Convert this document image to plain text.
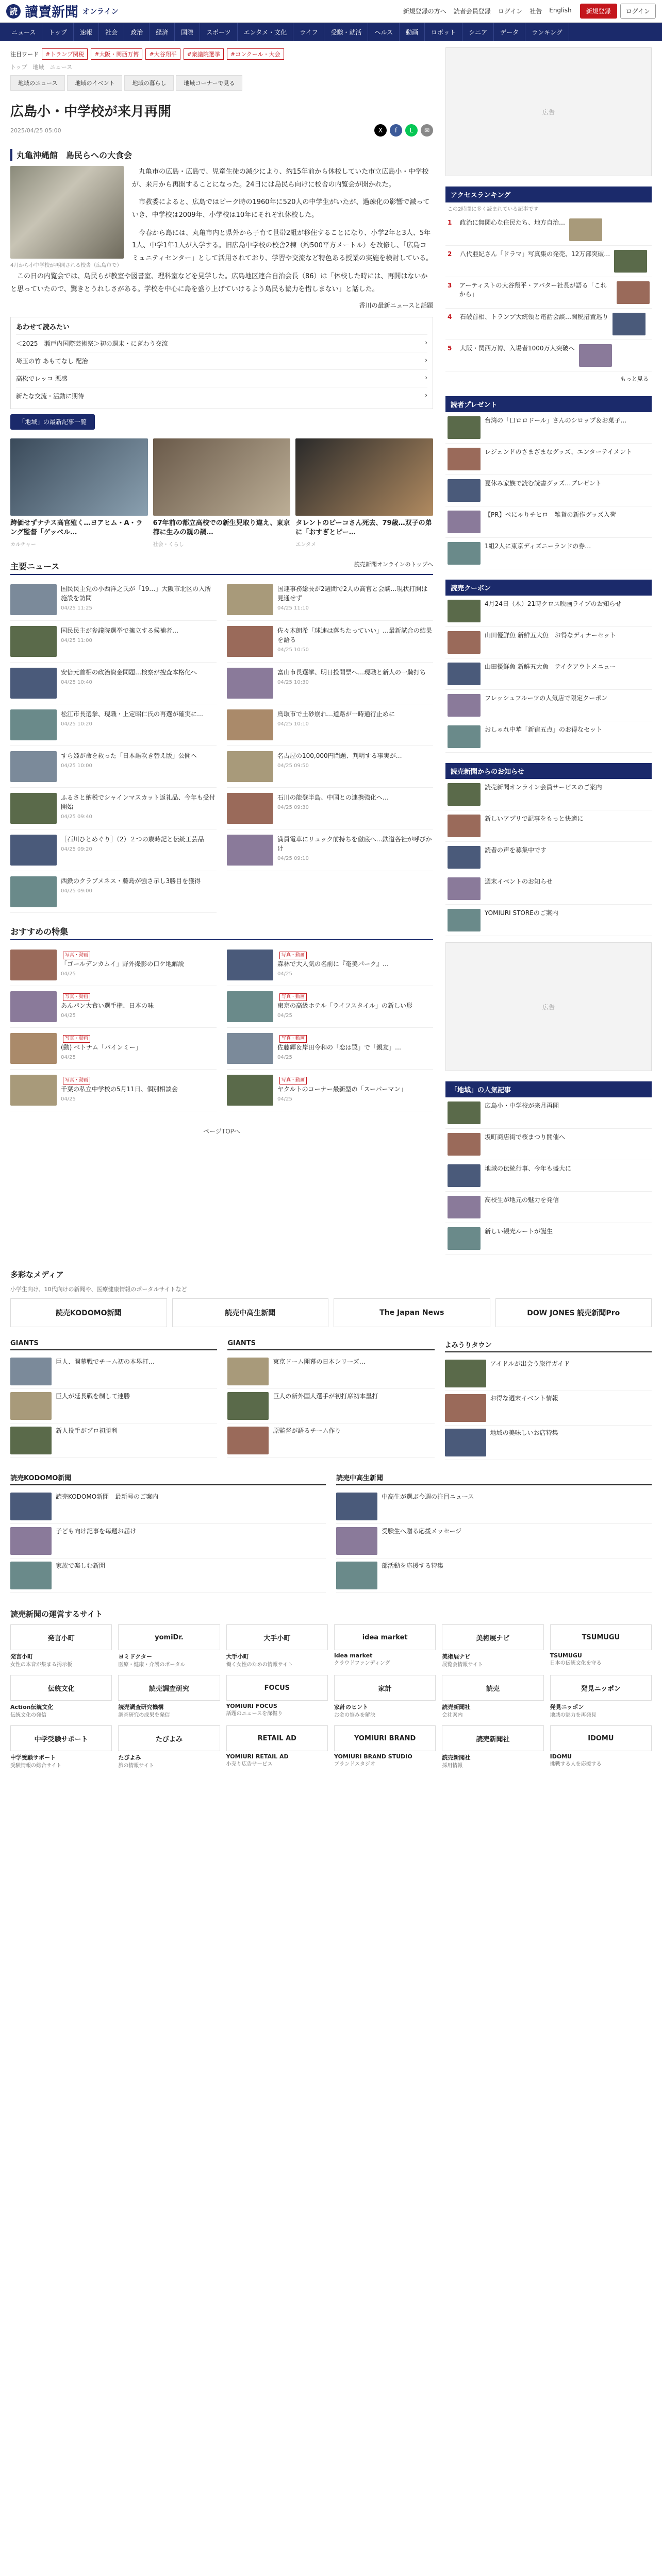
読 讀賣新聞 オンライン	新規登録の方へ 読者会員登録 ログイン 社告 English	新規登録	ログイン
ニュース	トップ	速報	社会	政治	経済	国際	スポーツ	エンタメ・文化	ライフ	受験・就活	ヘルス	動画	ロボット	シニア	データ	ランキング
注目ワード	#トランプ関税	#大阪・関西万博	#大谷翔平	#衆議院選挙	#コンクール・大会
トップ　地域　ニュース
地域のニュース	地域のイベント	地域の暮らし	地域コーナーで見る
広島小・中学校が来月再開
2025/04/25 05:00	X	f	L	✉
丸亀沖縄館　島民らへの大食会
4月から小中学校が再開される校舎（広島市で）

丸亀市の広島・広島で、児童生徒の減少により、約15年前から休校していた市立広島小・中学校が、来月から再開することになった。24日には島民ら向けに校舎の内覧会が開かれた。

市教委によると、広島ではピーク時の1960年に520人の中学生がいたが、過疎化の影響で減っていき、中学校は2009年、小学校は10年にそれぞれ休校した。

今春から島には、丸亀市内と県外から子育て世帯2組が移住することになり、小学2年と3人、5年1人、中学1年1人が入学する。旧広島中学校の校舎2棟（約500平方メートル）を改修し、「広島コミュニティセンター」として活用されており、学習や交流など特色ある授業の実施を検討している。

この日の内覧会では、島民らが教室や図書室、理科室などを見学した。広島地区連合自治会長（86）は「休校した時には、再開はないかと思っていたので、驚きとうれしさがある。学校を中心に島を盛り上げていけるよう島民も協力を惜しまない」と話した。

香川の最新ニュースと話題
あわせて読みたい
＜2025　瀬戸内国際芸術祭＞初の週末・にぎわう交流	›
埼玉の竹 あもてなし 配治	›
高松でレッコ 悪感	›
新たな交流・活動に期待	›
「地域」の最新記事一覧
跨価せずナチス高官殖く…ヨアヒム・A・ラング監督「ゲッベル…
カルチャー
67年前の都立高校での新生児取り違え、東京都に生みの親の調…
社会・くらし
タレントのピーコさん死去、79歳…双子の弟に「おすぎとピー…
エンタメ
主要ニュース	読売新聞オンラインのトップへ
国民民主党の小西洋之氏が「19…」大阪市北区の入所施設を訪問
04/25 11:25
国連事務総長が2週間で2人の高官と会談…現状打開は見通せず
04/25 11:10
国民民主が参議院選挙で擁立する候補者…
04/25 11:00
佐々木朗希「球速は落ちたっていい」…最新試合の結果を語る
04/25 10:50
安倍元首相の政治資金問題…検察が捜査本格化へ
04/25 10:40
富山市長選挙、明日投開票へ…現職と新人の一騎打ち
04/25 10:30
松江市長選挙、現職・上定昭仁氏の再選が確実に…
04/25 10:20
鳥取市で土砂崩れ…道路が一時通行止めに
04/25 10:10
すら姫が命を救った「日本語吹き替え版」公開へ
04/25 10:00
名古屋の100,000円問題、判明する事実が…
04/25 09:50
ふるさと納税でシャインマスカット返礼品、今年も受付開始
04/25 09:40
石川の能登半島、中国との連携強化へ…
04/25 09:30
［石川ひとめぐり］（2）２つの歳時記と伝統工芸品
04/25 09:20
満員電車にリュック前持ちを徹底へ…鉄道各社が呼びかけ
04/25 09:10
西鉄のクラブメネス・藤島が強さ示し3勝目を獲得
04/25 09:00
おすすめの特集
写真・動画
「ゴールデンカムイ」野外撮影の口ケ地解説
04/25
写真・動画
森林で大人気の名前に『奄美パーク』…
04/25
写真・動画
あんパン大食い選手権、日本の味
04/25
写真・動画
東京の高級ホテル「ライフスタイル」の新しい形
04/25
写真・動画
(動) ベトナム「バインミー」
04/25
写真・動画
佐藤輝＆岸田令和の「恋は罠」で「親友」…
04/25
写真・動画
千葉の私立中学校の5月11日、個別相談会
04/25
写真・動画
ヤクルトのコーナー最新型の「スーパーマン」
04/25
ページTOPへ
広告
アクセスランキング
この2時間に多く読まれている記事です
1	政治に無関心な住民たち、地方自治…
2	八代亜紀さん「ドラマ」写真集の発売、12万部突破…
3	アーティストの大谷翔平・アバター社長が語る「これから」
4	石破首相、トランプ大統領と電話会談…関税措置巡り
5	大阪・関西万博、入場者1000万人突破へ
もっと見る
読者プレゼント
台湾の「口ロロドール」さんのシロップ＆お菓子…
レジェンドのさまざまなグッズ、エンターテイメント
夏休み家族で読む読書グッズ…プレゼント
【PR】ぺにゃりチヒロ　雑貨の新作グッズ入荷
1組2人に東京ディズニーランドの券…
読売クーポン
4月24日（木）21時クロス映画ライブのお知らせ
山田優鮮魚 新鮮五大魚　お得なディナーセット
山田優鮮魚 新鮮五大魚　テイクアウトメニュー
フレッシュフルーツの人気店で限定クーポン
おしゃれ中華「新宿五点」のお得なセット
読売新聞からのお知らせ
読売新聞オンライン会員サービスのご案内
新しいアプリで記事をもっと快適に
読者の声を募集中です
週末イベントのお知らせ
YOMIURI STOREのご案内
広告
「地域」の人気記事
広島小・中学校が来月再開
坂町商店街で桜まつり開催へ
地域の伝統行事、今年も盛大に
高校生が地元の魅力を発信
新しい観光ルートが誕生
多彩なメディア
小学生向け、10代向けの新聞や、医療健康情報のポータルサイトなど
読売KODOMO新聞	読売中高生新聞	The Japan News	DOW JONES 読売新聞Pro
GIANTS
巨人、開幕戦でチーム初の本塁打…
巨人が延長戦を制して連勝
新人投手がプロ初勝利
GIANTS
東京ドーム開幕の日本シリーズ…
巨人の新外国人選手が初打席初本塁打
原監督が語るチーム作り
よみうりタウン
アイドルが出会う旅行ガイド
お得な週末イベント情報
地域の美味しいお店特集
読売KODOMO新聞
読売KODOMO新聞　最新号のご案内
子ども向け記事を毎週お届け
家族で楽しむ新聞
読売中高生新聞
中高生が選ぶ今週の注目ニュース
受験生へ贈る応援メッセージ
部活動を応援する特集
読売新聞の運営するサイト
発言小町
発言小町
女性の本音が集まる掲示板
yomiDr.
ヨミドクター
医療・健康・介護のポータル
大手小町
大手小町
働く女性のための情報サイト
idea market
idea market
クラウドファンディング
美術展ナビ
美術展ナビ
展覧会情報サイト
TSUMUGU
TSUMUGU
日本の伝統文化を守る
伝統文化
Action伝統文化
伝統文化の発信
読売調査研究
読売調査研究機構
調査研究の成果を発信
FOCUS
YOMIURI FOCUS
話題のニュースを深掘り
家計
家計のヒント
お金の悩みを解決
読売
読売新聞社
会社案内
発見ニッポン
発見ニッポン
地域の魅力を再発見
中学受験サポート
中学受験サポート
受験情報の総合サイト
たびよみ
たびよみ
旅の情報サイト
RETAIL AD
YOMIURI RETAIL AD
小売り広告サービス
YOMIURI BRAND
YOMIURI BRAND STUDIO
ブランドスタジオ
読売新聞社
読売新聞社
採用情報
IDOMU
IDOMU
挑戦する人を応援する
